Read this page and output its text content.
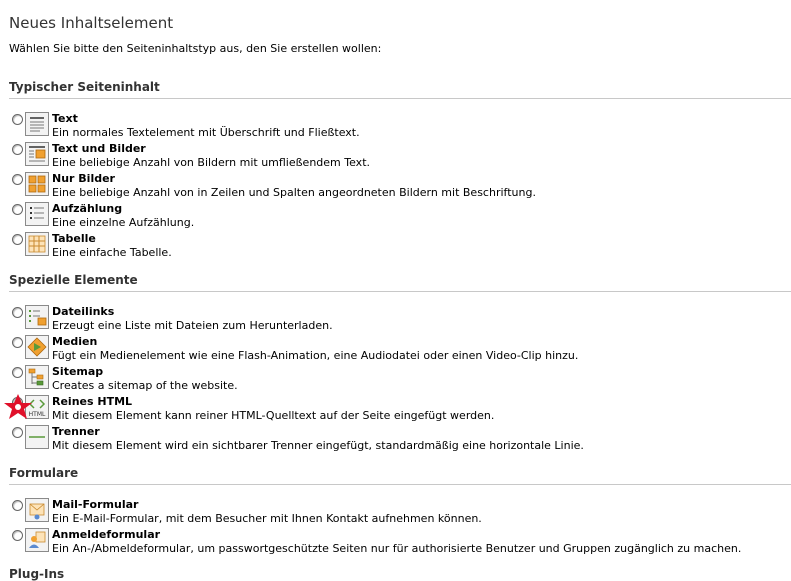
Neues Inhaltselement
Wählen Sie bitte den Seiteninhaltstyp aus, den Sie erstellen wollen:
Typischer Seiteninhalt
Text
Ein normales Textelement mit Überschrift und Fließtext.
Text und Bilder
Eine beliebige Anzahl von Bildern mit umfließendem Text.
Nur Bilder
Eine beliebige Anzahl von in Zeilen und Spalten angeordneten Bildern mit Beschriftung.
Aufzählung
Eine einzelne Aufzählung.
Tabelle
Eine einfache Tabelle.
Spezielle Elemente
Dateilinks
Erzeugt eine Liste mit Dateien zum Herunterladen.
Medien
Fügt ein Medienelement wie eine Flash-Animation, eine Audiodatei oder einen Video-Clip hinzu.
Sitemap
Creates a sitemap of the website.
HTML
Reines HTML
Mit diesem Element kann reiner HTML-Quelltext auf der Seite eingefügt werden.
Trenner
Mit diesem Element wird ein sichtbarer Trenner eingefügt, standardmäßig eine horizontale Linie.
Formulare
Mail-Formular
Ein E-Mail-Formular, mit dem Besucher mit Ihnen Kontakt aufnehmen können.
Anmeldeformular
Ein An-/Abmeldeformular, um passwortgeschützte Seiten nur für authorisierte Benutzer und Gruppen zugänglich zu machen.
Plug-Ins
